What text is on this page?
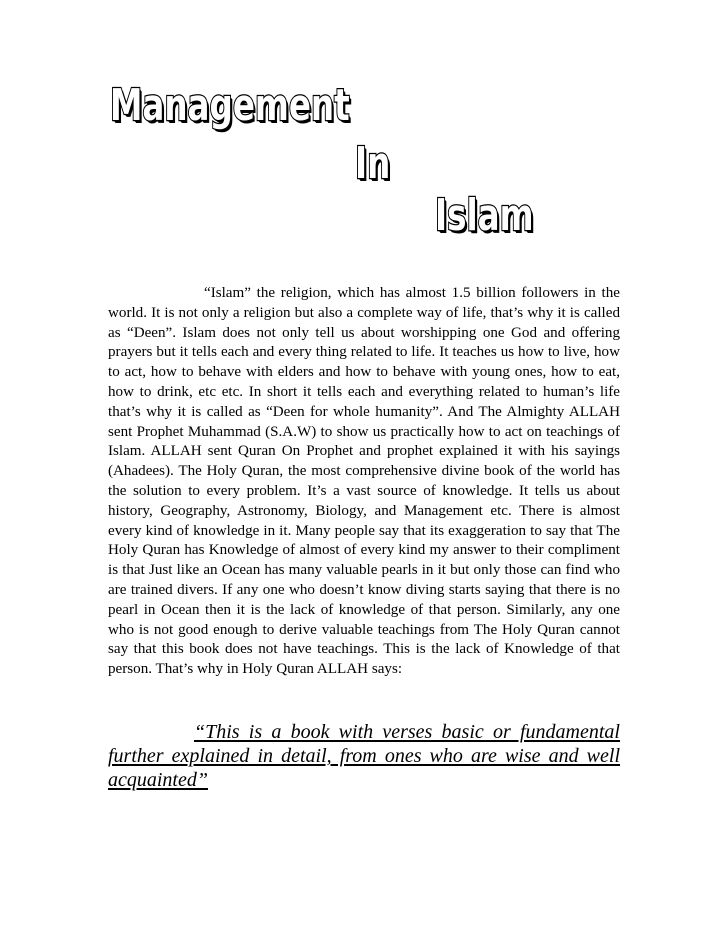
Management
In
Islam

“Islam” the religion, which has almost 1.5 billion followers in the world. It is not only a religion but also a complete way of life, that’s why it is called as “Deen”. Islam does not only tell us about worshipping one God and offering prayers but it tells each and every thing related to life. It teaches us how to live, how to act, how to behave with elders and how to behave with young ones, how to eat, how to drink, etc etc. In short it tells each and everything related to human’s life that’s why it is called as “Deen for whole humanity”. And The Almighty ALLAH sent Prophet Muhammad (S.A.W) to show us practically how to act on teachings of Islam. ALLAH sent Quran On Prophet and prophet explained it with his sayings (Ahadees). The Holy Quran, the most comprehensive divine book of the world has the solution to every problem. It’s a vast source of knowledge. It tells us about history, Geography, Astronomy, Biology, and Management etc. There is almost every kind of knowledge in it. Many people say that its exaggeration to say that The Holy Quran has Knowledge of almost of every kind my answer to their compliment is that Just like an Ocean has many valuable pearls in it but only those can find who are trained divers. If any one who doesn’t know diving starts saying that there is no pearl in Ocean then it is the lack of knowledge of that person. Similarly, any one who is not good enough to derive valuable teachings from The Holy Quran cannot say that this book does not have teachings. This is the lack of Knowledge of that person. That’s why in Holy Quran ALLAH says:

“This is a book with verses basic or fundamental further explained in detail, from ones who are wise and well acquainted”
